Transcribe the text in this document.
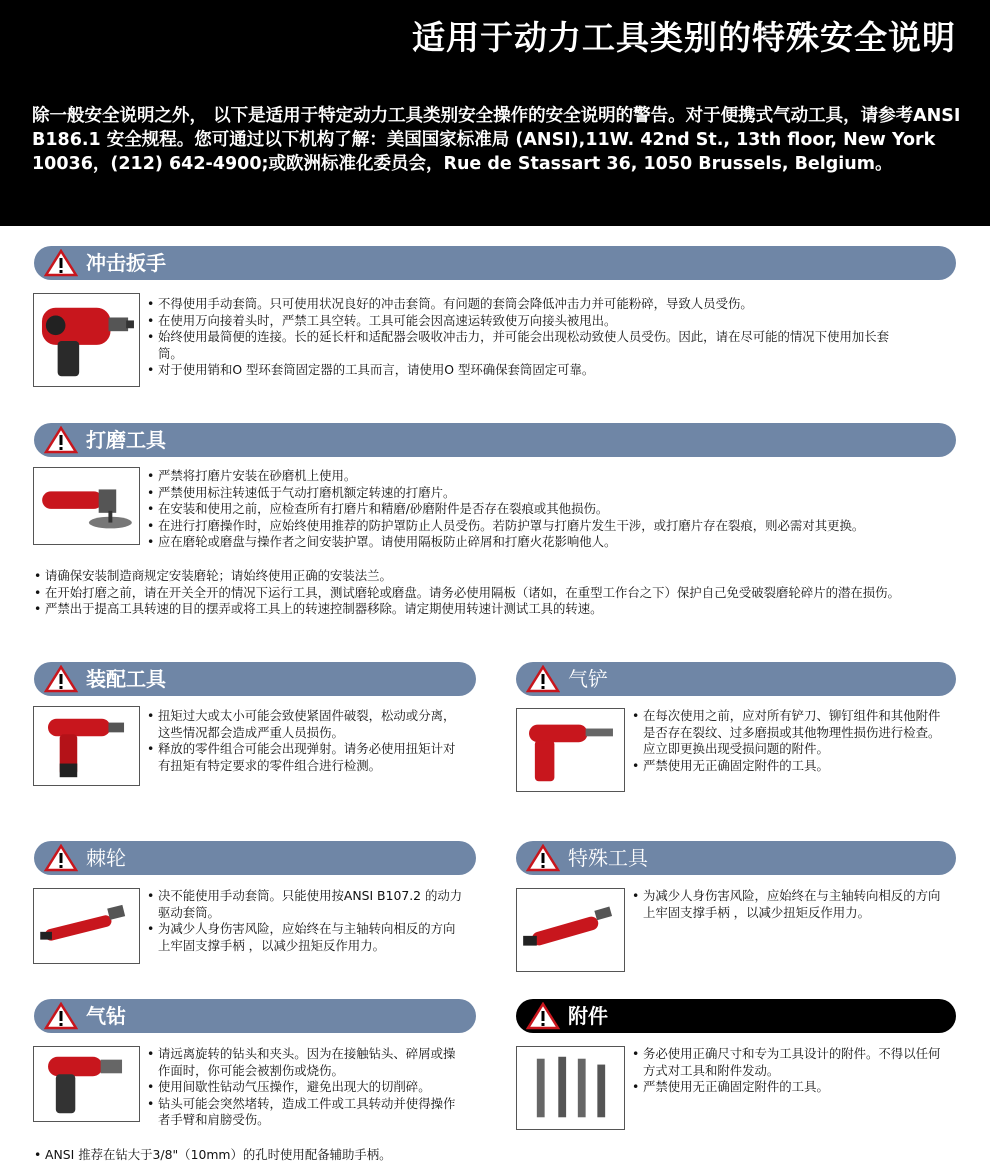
适用于动力工具类别的特殊安全说明

除一般安全说明之外， 以下是适用于特定动力工具类别安全操作的安全说明的警告。对于便携式气动工具，请参考ANSI B186.1 安全规程。您可通过以下机构了解：美国国家标准局 (ANSI),11W. 42nd St., 13th floor, New York 10036，(212) 642-4900;或欧洲标准化委员会，Rue de Stassart 36, 1050 Brussels, Belgium。

冲击扳手
• 不得使用手动套筒。只可使用状况良好的冲击套筒。有问题的套筒会降低冲击力并可能粉碎，导致人员受伤。
• 在使用万向接着头时，严禁工具空转。工具可能会因高速运转致使万向接头被甩出。
• 始终使用最简便的连接。长的延长杆和适配器会吸收冲击力，并可能会出现松动致使人员受伤。因此，请在尽可能的情况下使用加长套筒。
• 对于使用销和O 型环套筒固定器的工具而言，请使用O 型环确保套筒固定可靠。
打磨工具
• 严禁将打磨片安装在砂磨机上使用。
• 严禁使用标注转速低于气动打磨机额定转速的打磨片。
• 在安装和使用之前，应检查所有打磨片和精磨/砂磨附件是否存在裂痕或其他损伤。
• 在进行打磨操作时，应始终使用推荐的防护罩防止人员受伤。若防护罩与打磨片发生干涉，或打磨片存在裂痕，则必需对其更换。
• 应在磨轮或磨盘与操作者之间安装护罩。请使用隔板防止碎屑和打磨火花影响他人。
• 请确保安装制造商规定安装磨轮；请始终使用正确的安装法兰。
• 在开始打磨之前，请在开关全开的情况下运行工具，测试磨轮或磨盘。请务必使用隔板（诸如，在重型工作台之下）保护自己免受破裂磨轮碎片的潜在损伤。
• 严禁出于提高工具转速的目的摆弄或将工具上的转速控制器移除。请定期使用转速计测试工具的转速。
装配工具
• 扭矩过大或太小可能会致使紧固件破裂，松动或分离，这些情况都会造成严重人员损伤。
• 释放的零件组合可能会出现弹射。请务必使用扭矩计对有扭矩有特定要求的零件组合进行检测。
气铲
• 在每次使用之前，应对所有铲刀、铆钉组件和其他附件是否存在裂纹、过多磨损或其他物理性损伤进行检查。应立即更换出现受损问题的附件。
• 严禁使用无正确固定附件的工具。
棘轮
• 决不能使用手动套筒。只能使用按ANSI B107.2 的动力驱动套筒。
• 为减少人身伤害风险，应始终在与主轴转向相反的方向上牢固支撑手柄 ，以减少扭矩反作用力。
特殊工具
• 为减少人身伤害风险，应始终在与主轴转向相反的方向上牢固支撑手柄 ，以减少扭矩反作用力。
气钻
• 请远离旋转的钻头和夹头。因为在接触钻头、碎屑或操作面时，你可能会被割伤或烧伤。
• 使用间歇性钻动气压操作，避免出现大的切削碎。
• 钻头可能会突然堵转，造成工件或工具转动并使得操作者手臂和肩膀受伤。
• ANSI 推荐在钻大于3/8"（10mm）的孔时使用配备辅助手柄。
附件
• 务必使用正确尺寸和专为工具设计的附件。不得以任何方式对工具和附件发动。
• 严禁使用无正确固定附件的工具。
